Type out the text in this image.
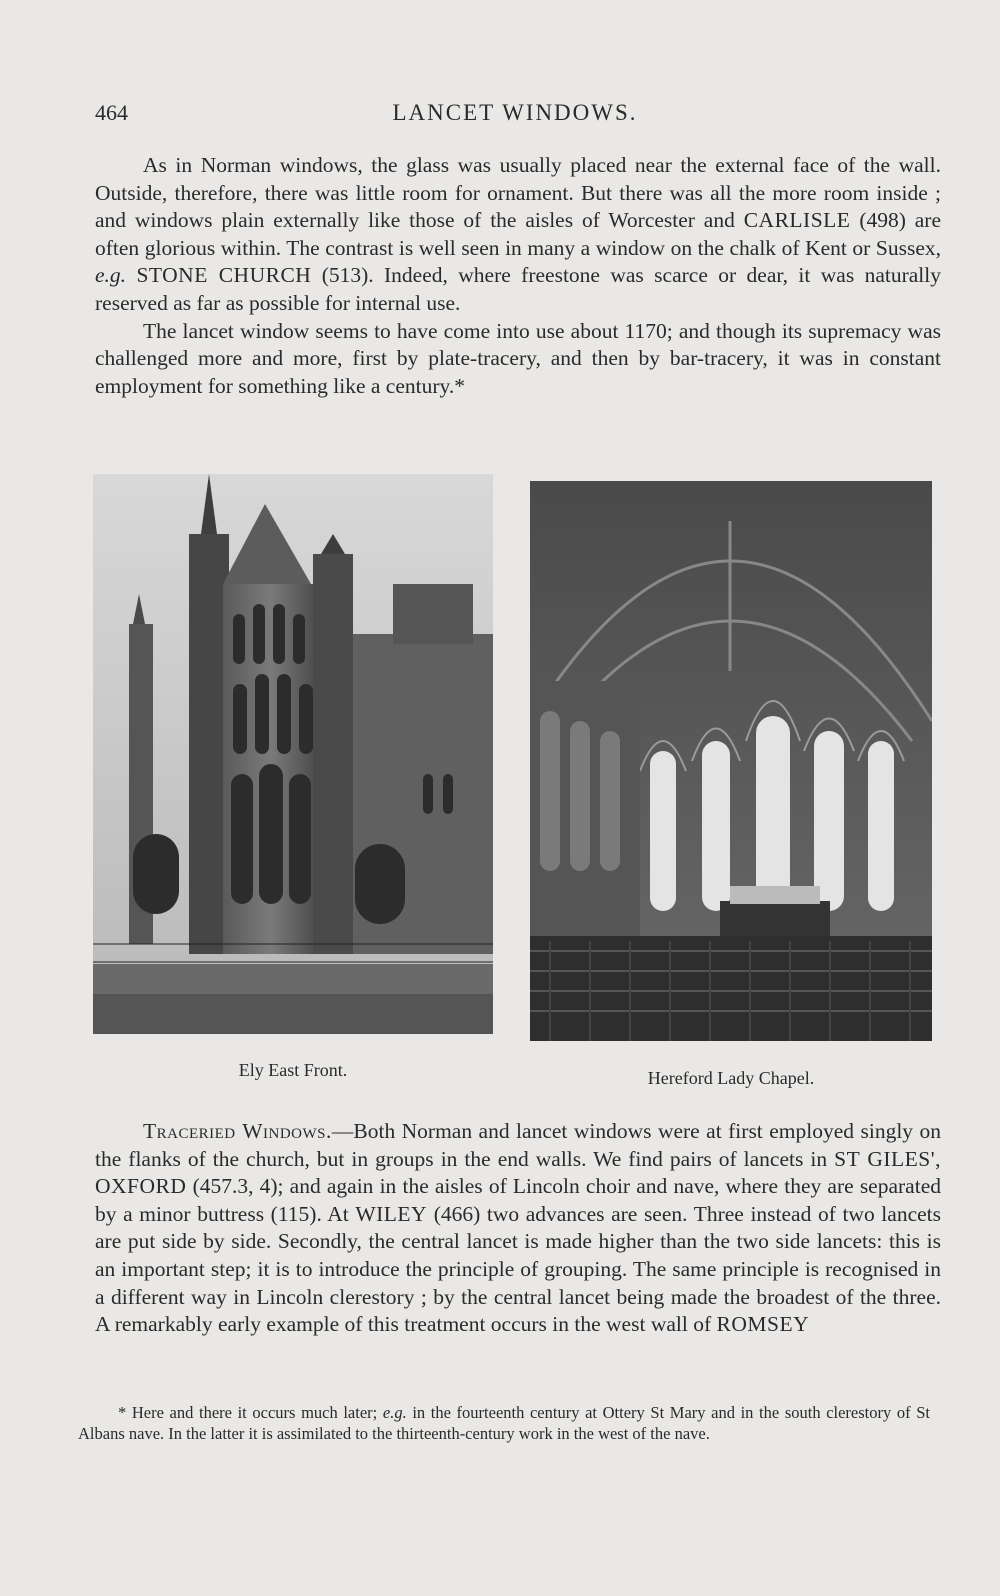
464	LANCET WINDOWS.

As in Norman windows, the glass was usually placed near the external face of the wall. Outside, therefore, there was little room for ornament. But there was all the more room inside ; and windows plain externally like those of the aisles of Worcester and CARLISLE (498) are often glorious within. The contrast is well seen in many a window on the chalk of Kent or Sussex, e.g. STONE CHURCH (513). Indeed, where freestone was scarce or dear, it was naturally reserved as far as possible for internal use.

The lancet window seems to have come into use about 1170; and though its supremacy was challenged more and more, first by plate-tracery, and then by bar-tracery, it was in constant employment for something like a century.*

Ely East Front.	Hereford Lady Chapel.

Traceried Windows.—Both Norman and lancet windows were at first employed singly on the flanks of the church, but in groups in the end walls. We find pairs of lancets in ST GILES', OXFORD (457.3, 4); and again in the aisles of Lincoln choir and nave, where they are separated by a minor buttress (115). At WILEY (466) two advances are seen. Three instead of two lancets are put side by side. Secondly, the central lancet is made higher than the two side lancets: this is an important step; it is to introduce the principle of grouping. The same principle is recognised in a different way in Lincoln clerestory ; by the central lancet being made the broadest of the three. A remarkably early example of this treatment occurs in the west wall of ROMSEY

* Here and there it occurs much later; e.g. in the fourteenth century at Ottery St Mary and in the south clerestory of St Albans nave. In the latter it is assimilated to the thirteenth-century work in the west of the nave.
